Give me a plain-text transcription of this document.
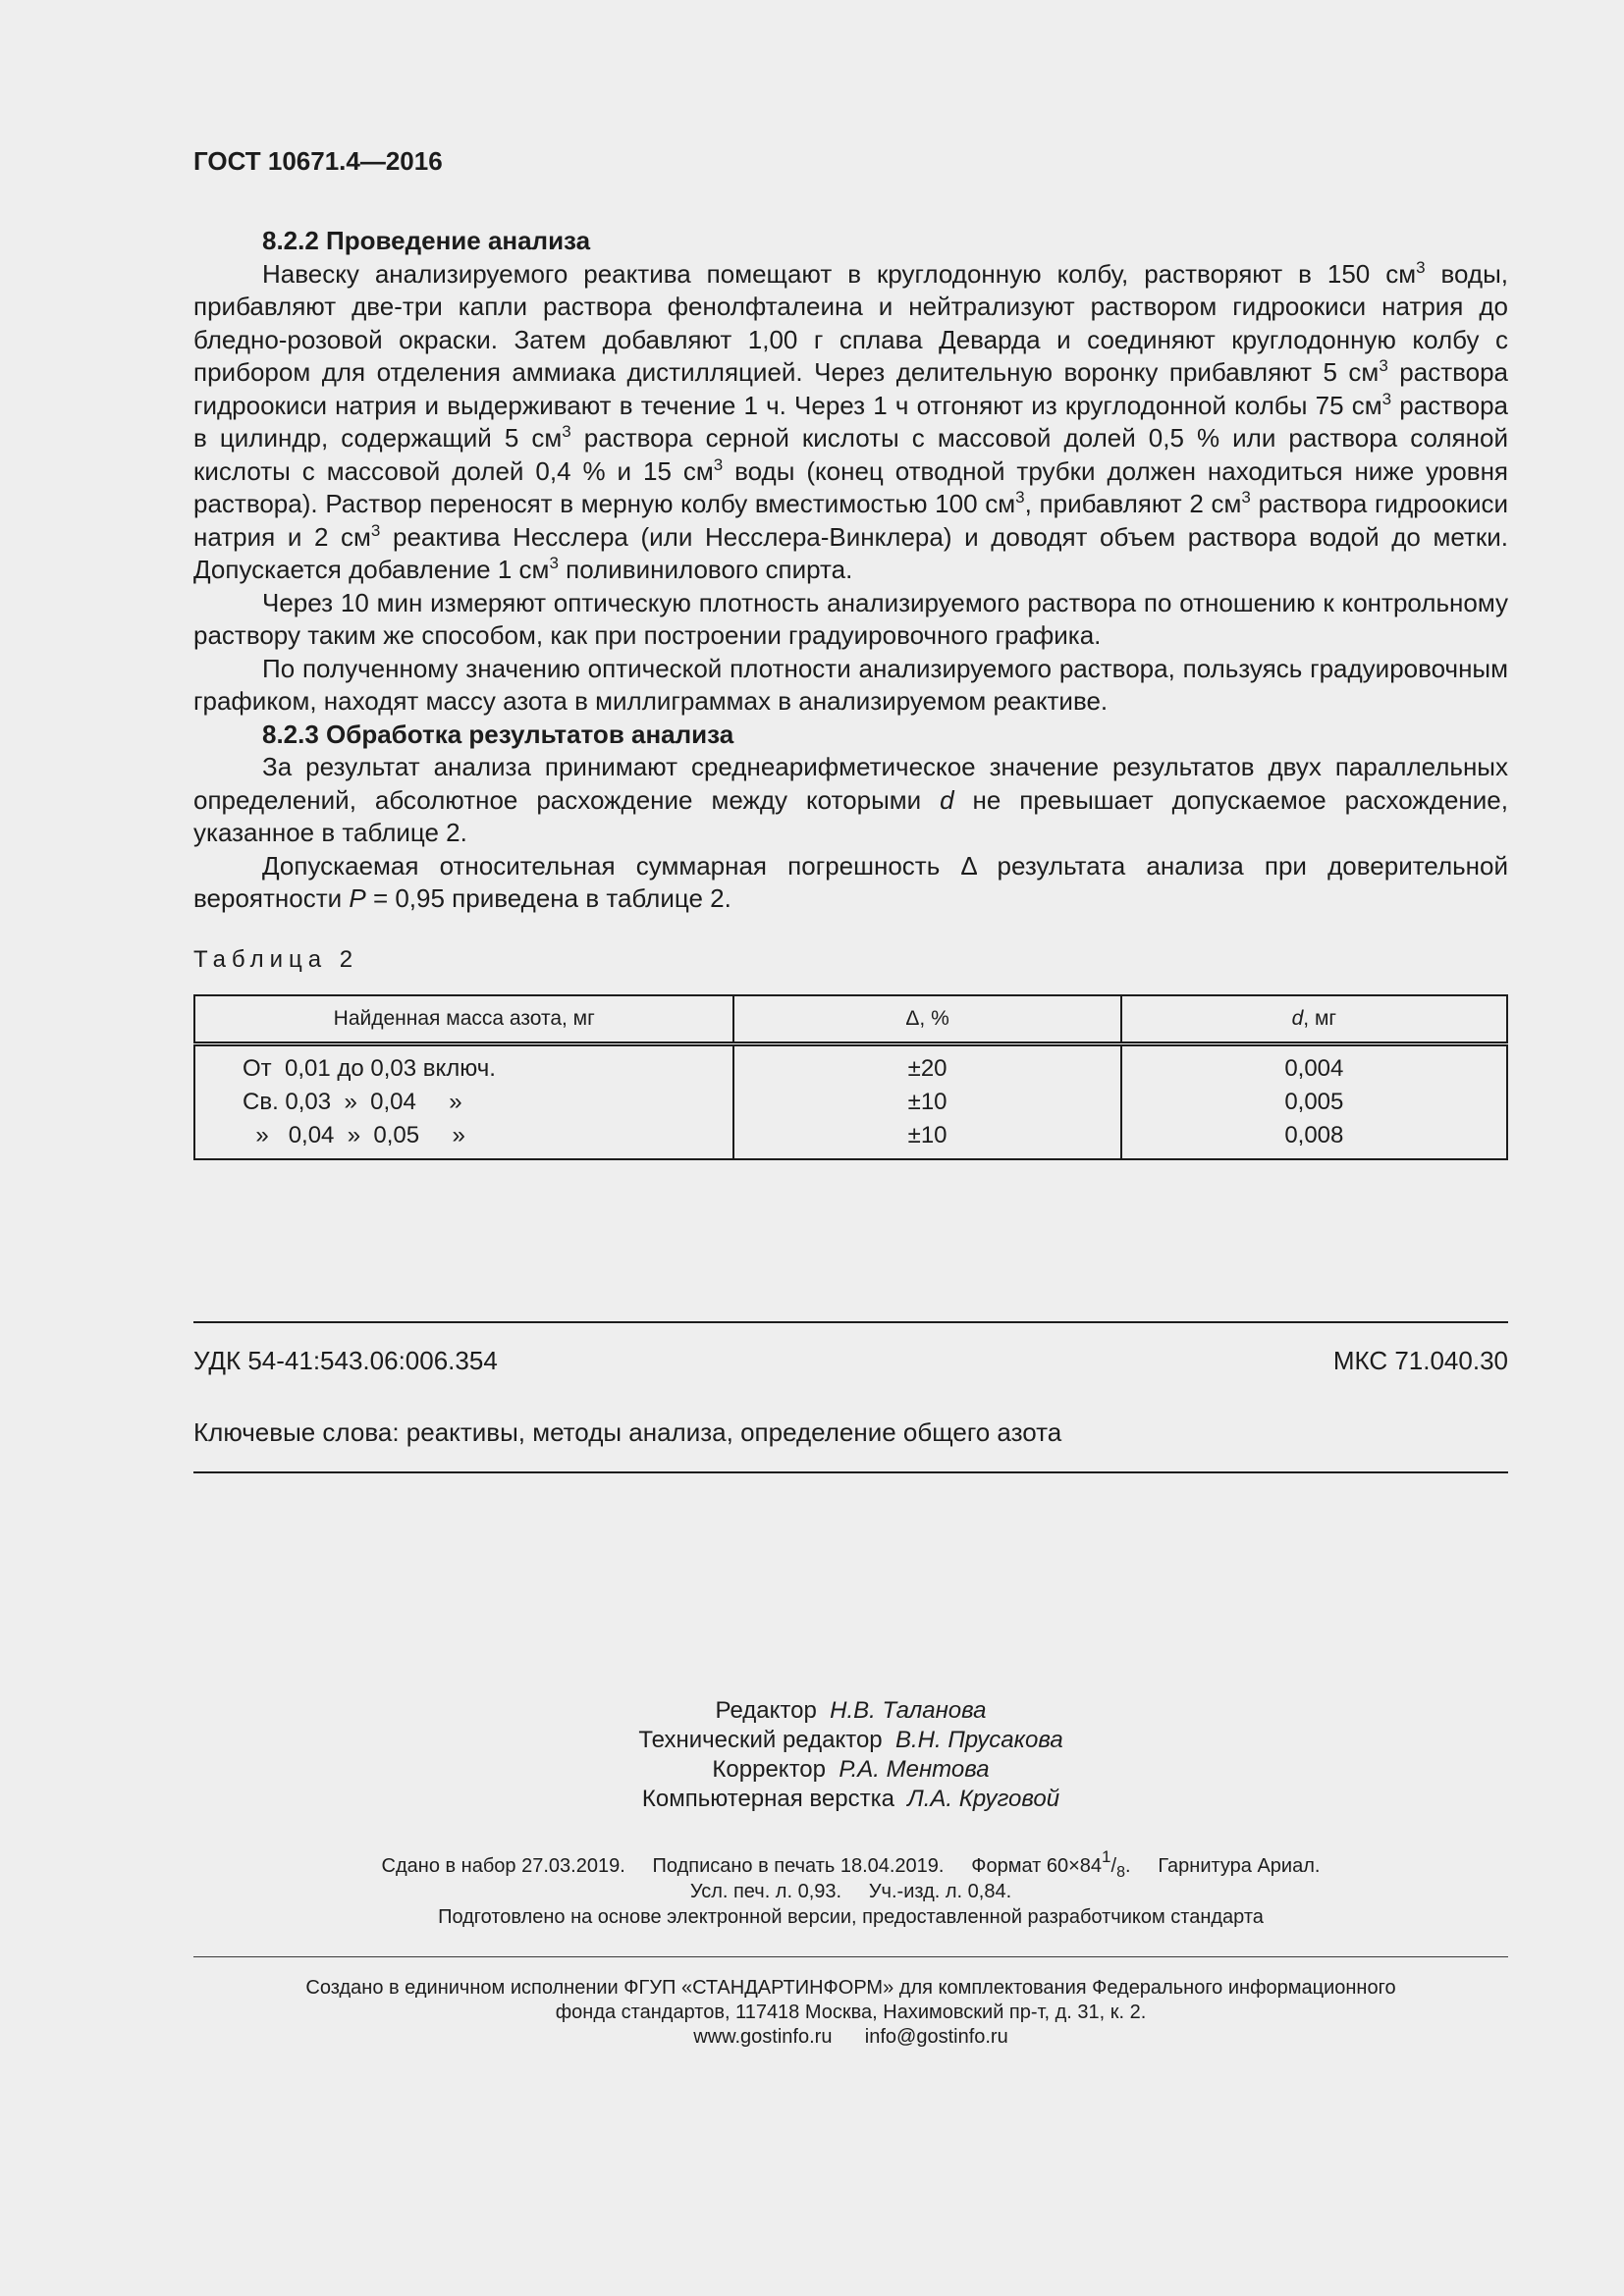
ГОСТ 10671.4—2016
8.2.2 Проведение анализа

Навеску анализируемого реактива помещают в круглодонную колбу, растворяют в 150 $см^3$ воды, прибавляют две-три капли раствора фенолфталеина и нейтрализуют раствором гидроокиси натрия до бледно-розовой окраски. Затем добавляют 1,00 г сплава Деварда и соединяют круглодонную колбу с прибором для отделения аммиака дистилляцией. Через делительную воронку прибавляют 5 $см^3$ раствора гидроокиси натрия и выдерживают в течение 1 ч. Через 1 ч отгоняют из круглодонной колбы 75 $см^3$ раствора в цилиндр, содержащий 5 $см^3$ раствора серной кислоты с массовой долей 0,5 % или раствора соляной кислоты с массовой долей 0,4 % и 15 $см^3$ воды (конец отводной трубки должен находиться ниже уровня раствора). Раствор переносят в мерную колбу вместимостью 100 $см^3$, прибавляют 2 $см^3$ раствора гидроокиси натрия и 2 $см^3$ реактива Несслера (или Несслера-Винклера) и доводят объем раствора водой до метки. Допускается добавление 1 $см^3$ поливинилового спирта.

Через 10 мин измеряют оптическую плотность анализируемого раствора по отношению к контрольному раствору таким же способом, как при построении градуировочного графика.

По полученному значению оптической плотности анализируемого раствора, пользуясь градуировочным графиком, находят массу азота в миллиграммах в анализируемом реактиве.

8.2.3 Обработка результатов анализа

За результат анализа принимают среднеарифметическое значение результатов двух параллельных определений, абсолютное расхождение между которыми d не превышает допускаемое расхождение, указанное в таблице 2.

Допускаемая относительная суммарная погрешность Δ результата анализа при доверительной вероятности P = 0,95 приведена в таблице 2.

Таблица 2

Найденная масса азота, мг	Δ, %	d, мг
От  0,01 до 0,03 включ.	±20	0,004
Св. 0,03  »  0,04     »	±10	0,005
»   0,04  »  0,05     »	±10	0,008

УДК 54-41:543.06:006.354	МКС 71.040.30

Ключевые слова: реактивы, методы анализа, определение общего азота

Редактор Н.В. Таланова
Технический редактор В.Н. Прусакова
Корректор Р.А. Ментова
Компьютерная верстка Л.А. Круговой
Сдано в набор 27.03.2019.     Подписано в печать 18.04.2019.     Формат $60\times 84^1/_8$.     Гарнитура Ариал.
Усл. печ. л. 0,93.     Уч.-изд. л. 0,84.
Подготовлено на основе электронной версии, предоставленной разработчиком стандарта
Создано в единичном исполнении ФГУП «СТАНДАРТИНФОРМ» для комплектования Федерального информационного
фонда стандартов, 117418 Москва, Нахимовский пр-т, д. 31, к. 2.
www.gostinfo.ru info@gostinfo.ru
